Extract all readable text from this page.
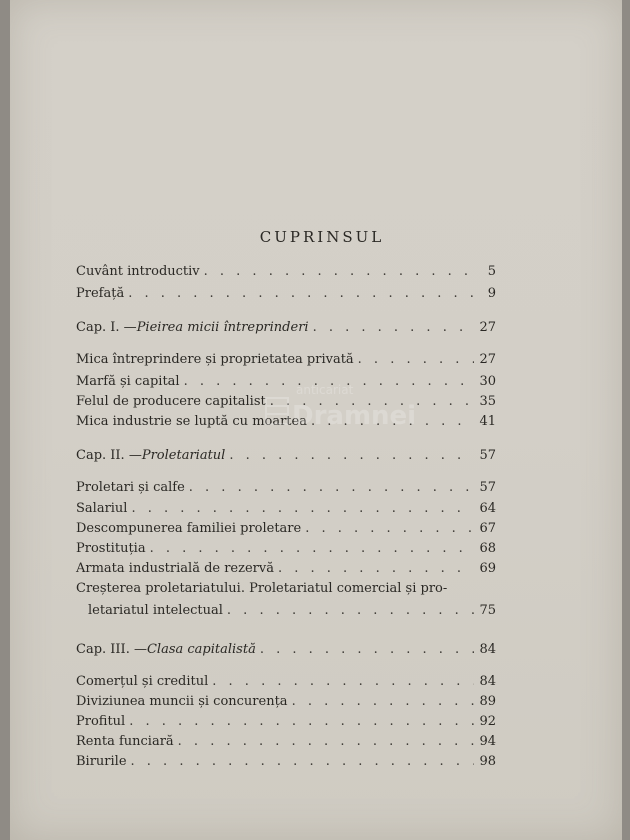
CUPRINSUL
Cuvânt introductiv . . .	5
Prefață . . .	9
Cap. I. — Pieirea micii întreprinderi . . .	27
Mica întreprindere și proprietatea privată . . .	27
Marfă și capital . . .	30
Felul de producere capitalist . . .	35
Mica industrie se luptă cu moartea . . .	41
Cap. II. — Proletariatul . . .	57
Proletari și calfe . . .	57
Salariul . . .	64
Descompunerea familiei proletare . . .	67
Prostituția . . .	68
Armata industrială de rezervă . . .	69
Creșterea proletariatului. Proletariatul comercial și pro-
letariatul intelectual . . .	75
Cap. III. — Clasa capitalistă . . .	84
Comerțul și creditul . . .	84
Diviziunea muncii și concurența . . .	89
Profitul . . .	92
Renta funciară . . .	94
Birurile . . .	98
anticariat
Dramnei
